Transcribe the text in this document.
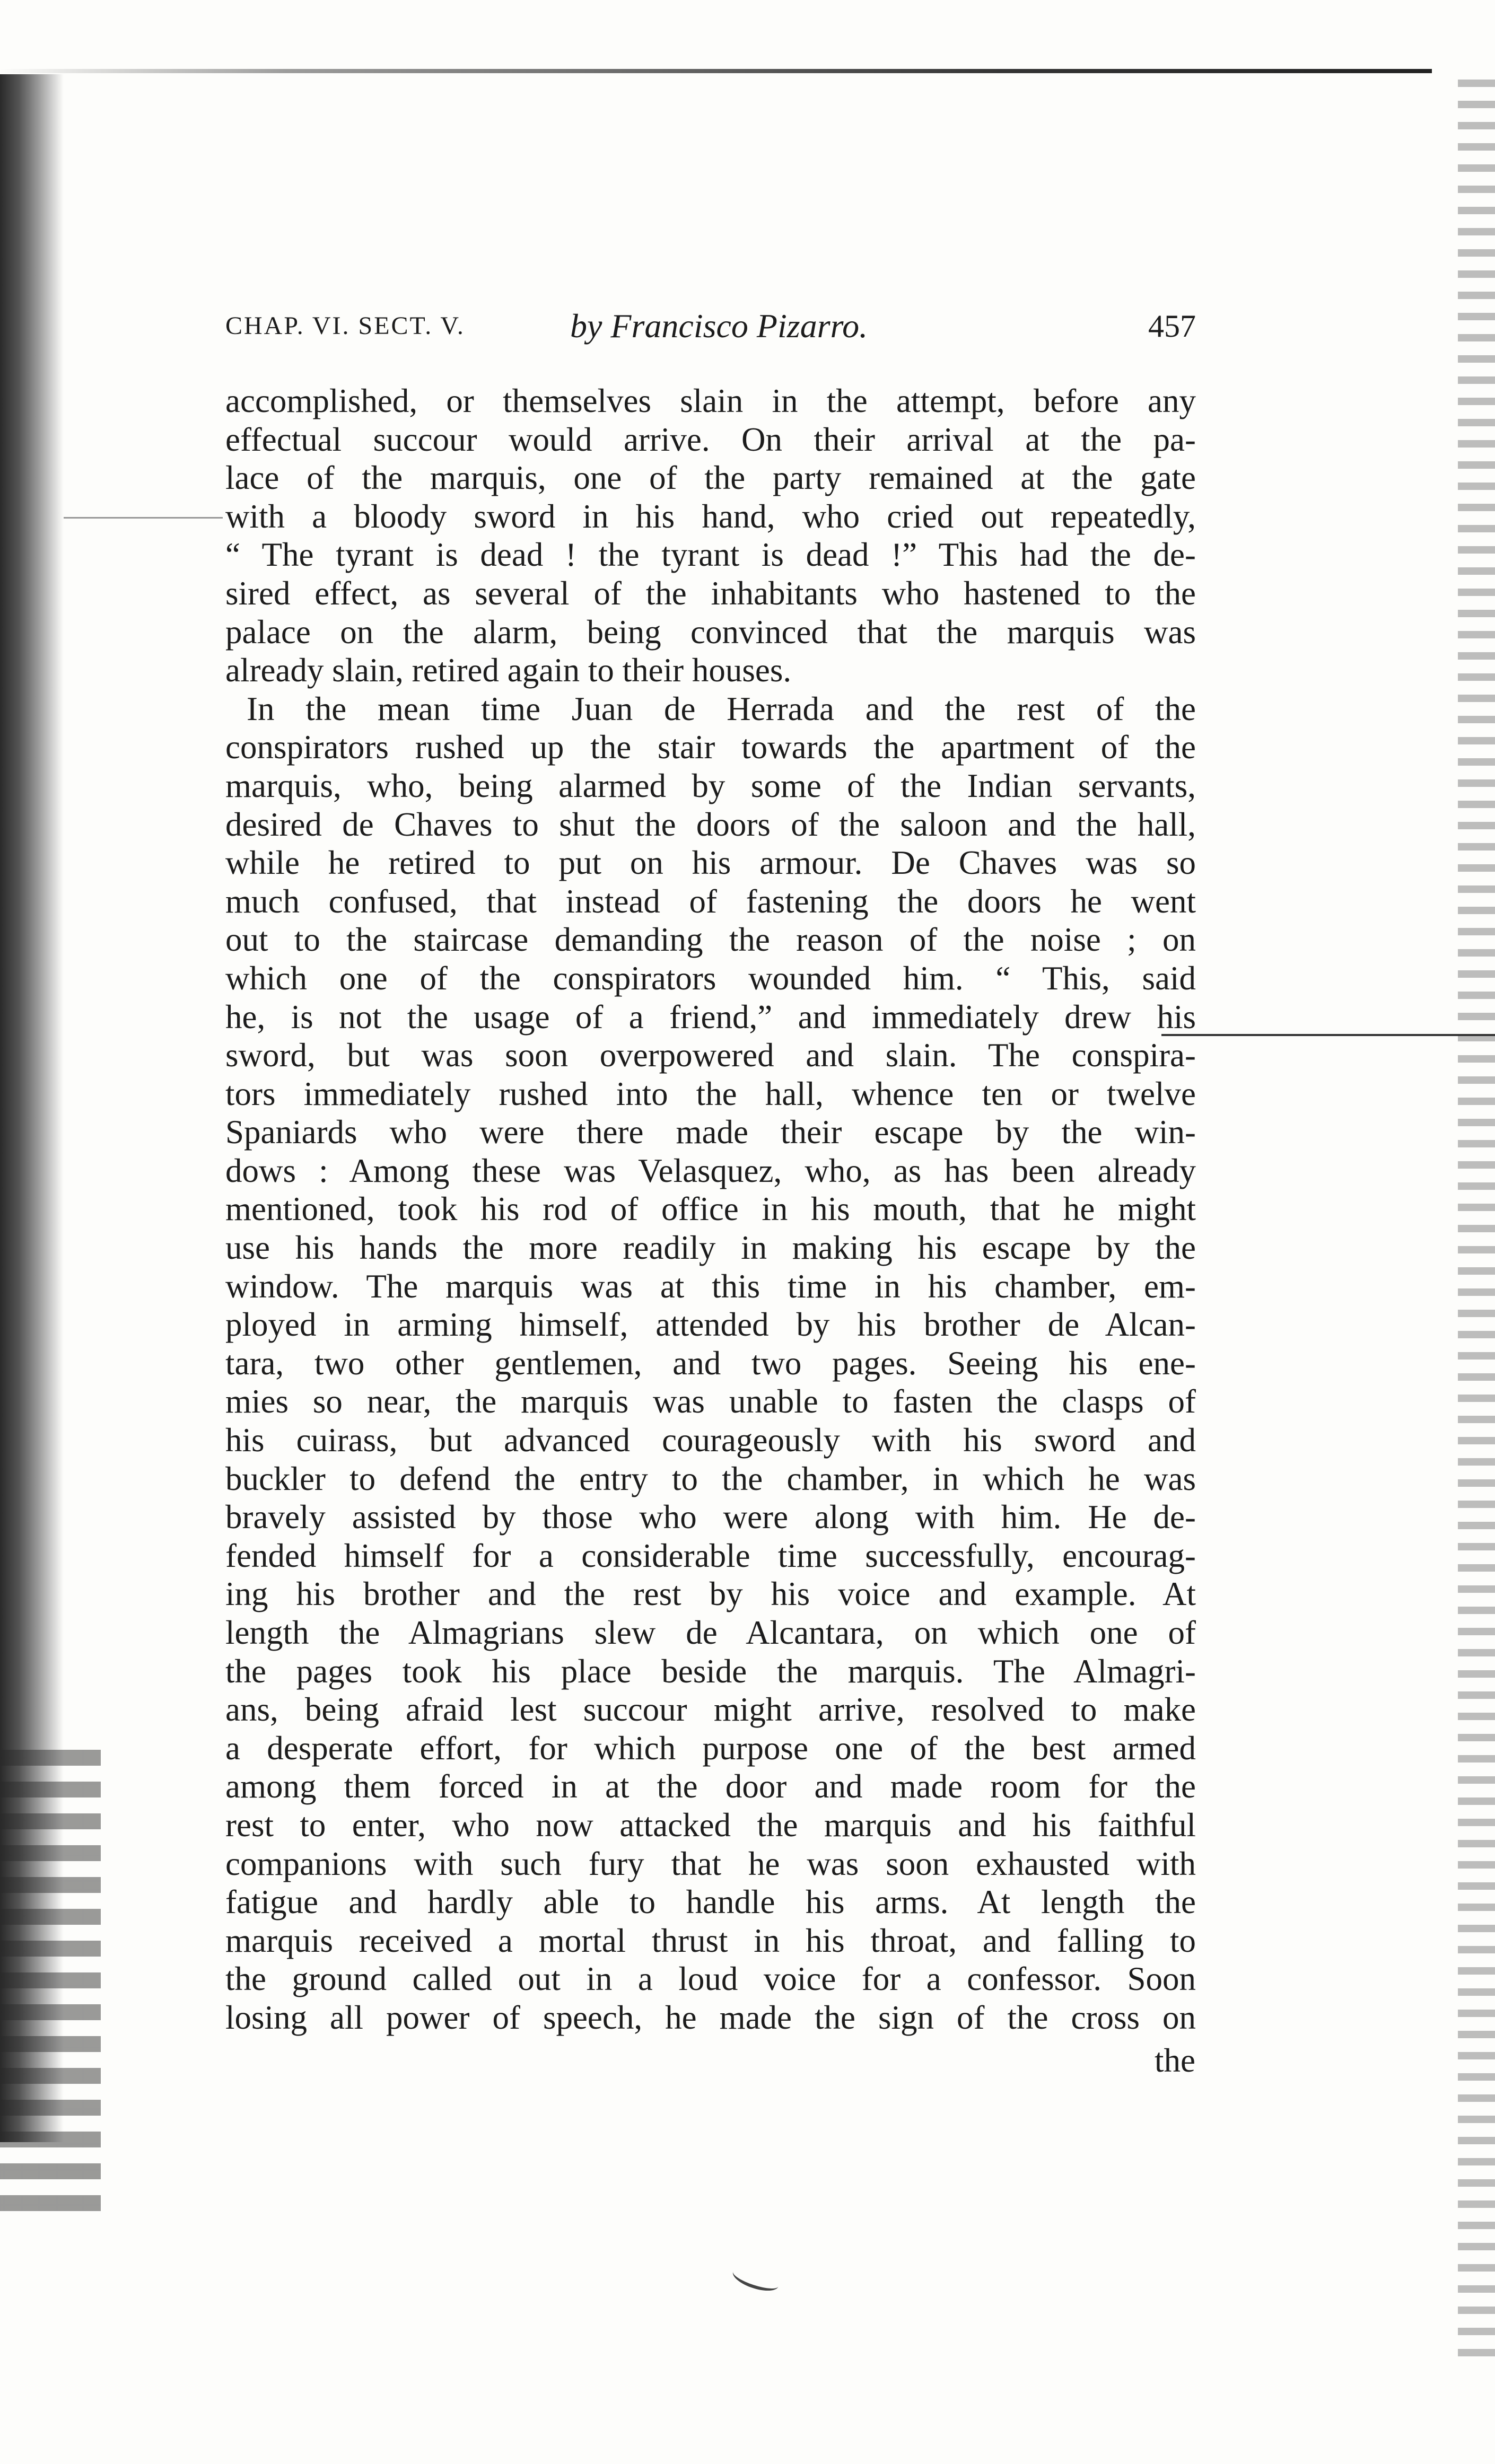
CHAP. VI. SECT. V.	by Francisco Pizarro.	457
accomplished, or themselves slain in the attempt, before any
effectual succour would arrive. On their arrival at the pa-
lace of the marquis, one of the party remained at the gate
with a bloody sword in his hand, who cried out repeatedly,
“ The tyrant is dead ! the tyrant is dead !” This had the de-
sired effect, as several of the inhabitants who hastened to the
palace on the alarm, being convinced that the marquis was
already slain, retired again to their houses.
In the mean time Juan de Herrada and the rest of the
conspirators rushed up the stair towards the apartment of the
marquis, who, being alarmed by some of the Indian servants,
desired de Chaves to shut the doors of the saloon and the hall,
while he retired to put on his armour. De Chaves was so
much confused, that instead of fastening the doors he went
out to the staircase demanding the reason of the noise ; on
which one of the conspirators wounded him. “ This, said
he, is not the usage of a friend,” and immediately drew his
sword, but was soon overpowered and slain. The conspira-
tors immediately rushed into the hall, whence ten or twelve
Spaniards who were there made their escape by the win-
dows : Among these was Velasquez, who, as has been already
mentioned, took his rod of office in his mouth, that he might
use his hands the more readily in making his escape by the
window. The marquis was at this time in his chamber, em-
ployed in arming himself, attended by his brother de Alcan-
tara, two other gentlemen, and two pages. Seeing his ene-
mies so near, the marquis was unable to fasten the clasps of
his cuirass, but advanced courageously with his sword and
buckler to defend the entry to the chamber, in which he was
bravely assisted by those who were along with him. He de-
fended himself for a considerable time successfully, encourag-
ing his brother and the rest by his voice and example. At
length the Almagrians slew de Alcantara, on which one of
the pages took his place beside the marquis. The Almagri-
ans, being afraid lest succour might arrive, resolved to make
a desperate effort, for which purpose one of the best armed
among them forced in at the door and made room for the
rest to enter, who now attacked the marquis and his faithful
companions with such fury that he was soon exhausted with
fatigue and hardly able to handle his arms. At length the
marquis received a mortal thrust in his throat, and falling to
the ground called out in a loud voice for a confessor. Soon
losing all power of speech, he made the sign of the cross on
the
